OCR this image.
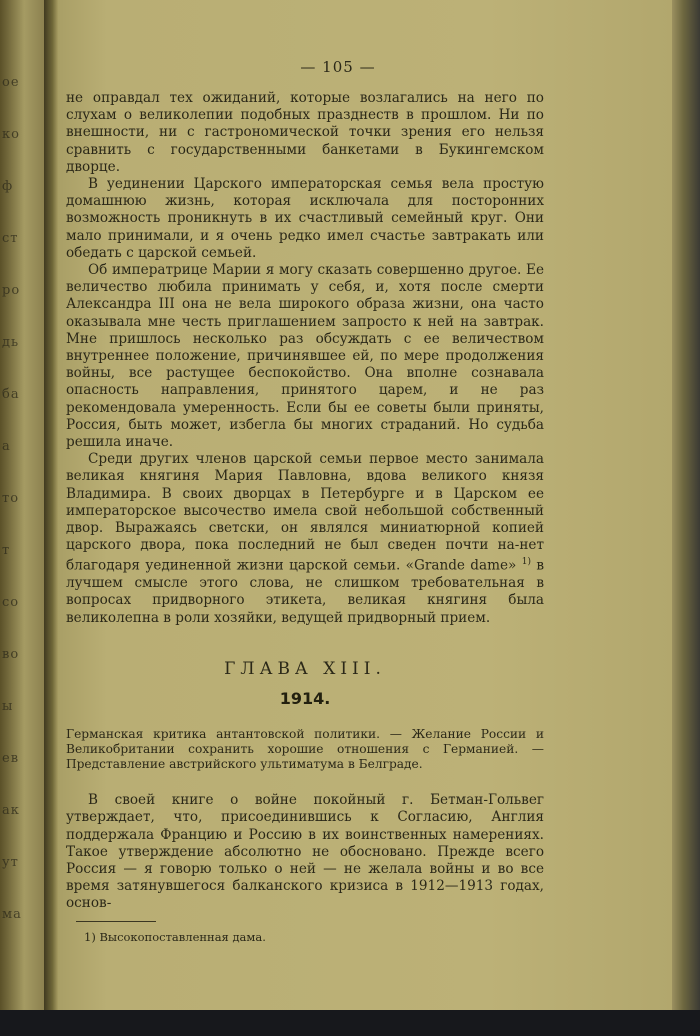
ое
ко
ф
ст
ро
дь
ба
а
то
т
со
во
ы
ев
ак
ут
ма
— 105 —

не оправдал тех ожиданий, которые возлагались на него по слухам о великолепии подобных празднеств в прошлом. Ни по внешности, ни с гастрономической точки зрения его нельзя сравнить с государственными банкетами в Букингемском дворце.

В уединении Царского императорская семья вела простую домашнюю жизнь, которая исключала для посторонних возможность проникнуть в их счастливый семейный круг. Они мало принимали, и я очень редко имел счастье завтракать или обедать с царской семьей.

Об императрице Марии я могу сказать совершенно другое. Ее величество любила принимать у себя, и, хотя после смерти Александра III она не вела широкого образа жизни, она часто оказывала мне честь приглашением запросто к ней на завтрак. Мне пришлось несколько раз обсуждать с ее величеством внутреннее положение, причинявшее ей, по мере продолжения войны, все растущее беспокойство. Она вполне сознавала опасность направления, принятого царем, и не раз рекомендовала умеренность. Если бы ее советы были приняты, Россия, быть может, избегла бы многих страданий. Но судьба решила иначе.

Среди других членов царской семьи первое место занимала великая княгиня Мария Павловна, вдова великого князя Владимира. В своих дворцах в Петербурге и в Царском ее императорское высочество имела свой небольшой собственный двор. Выражаясь светски, он являлся миниатюрной копией царского двора, пока последний не был сведен почти на-нет благодаря уединенной жизни царской семьи. «Grande dame» $^{1)}$ в лучшем смысле этого слова, не слишком требовательная в вопросах придворного этикета, великая княгиня была великолепна в роли хозяйки, ведущей придворный прием.

ГЛАВА XIII.
1914.

Германская критика антантовской политики. — Желание России и Великобритании сохранить хорошие отношения с Германией. — Представление австрийского ультиматума в Белграде.

В своей книге о войне покойный г. Бетман-Гольвег утверждает, что, присоединившись к Согласию, Англия поддержала Францию и Россию в их воинственных намерениях. Такое утверждение абсолютно не обосновано. Прежде всего Россия — я говорю только о ней — не желала войны и во все время затянувшегося балканского кризиса в 1912—1913 годах, основ-

1) Высокопоставленная дама.
